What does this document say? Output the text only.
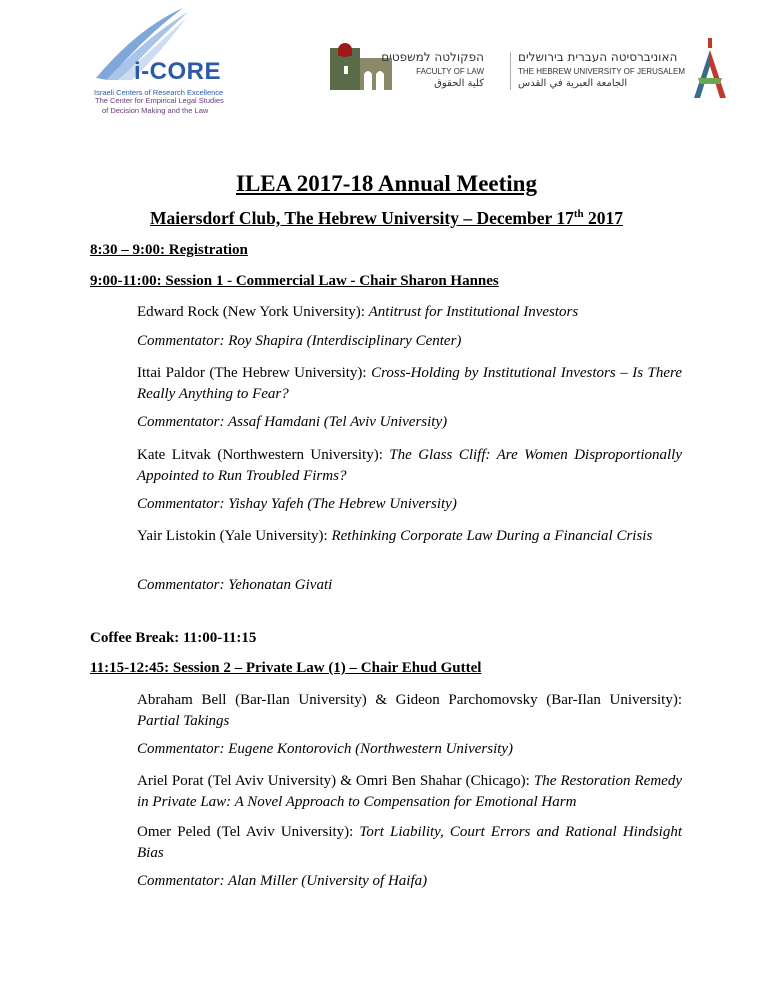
i-CORE
Israeli Centers of Research Excellence
The Center for Empirical Legal Studies
of Decision Making and the Law
הפקולטה למשפטים
FACULTY OF LAW
كلية الحقوق
האוניברסיטה העברית בירושלים
THE HEBREW UNIVERSITY OF JERUSALEM
الجامعة العبرية في القدس
ILEA 2017-18 Annual Meeting
Maiersdorf Club, The Hebrew University – December 17th 2017
8:30 – 9:00: Registration
9:00-11:00: Session 1 - Commercial Law - Chair Sharon Hannes
Edward Rock (New York University): Antitrust for Institutional Investors
Commentator: Roy Shapira (Interdisciplinary Center)
Ittai Paldor (The Hebrew University): Cross-Holding by Institutional Investors – Is There Really Anything to Fear?
Commentator: Assaf Hamdani (Tel Aviv University)
Kate Litvak (Northwestern University): The Glass Cliff: Are Women Disproportionally Appointed to Run Troubled Firms?
Commentator: Yishay Yafeh (The Hebrew University)
Yair Listokin (Yale University): Rethinking Corporate Law During a Financial Crisis
Commentator: Yehonatan Givati
Coffee Break: 11:00-11:15
11:15-12:45: Session 2 – Private Law (1) – Chair Ehud Guttel
Abraham Bell (Bar-Ilan University) & Gideon Parchomovsky (Bar-Ilan University): Partial Takings
Commentator: Eugene Kontorovich (Northwestern University)
Ariel Porat (Tel Aviv University) & Omri Ben Shahar (Chicago): The Restoration Remedy in Private Law: A Novel Approach to Compensation for Emotional Harm
Omer Peled (Tel Aviv University): Tort Liability, Court Errors and Rational Hindsight Bias
Commentator: Alan Miller (University of Haifa)
